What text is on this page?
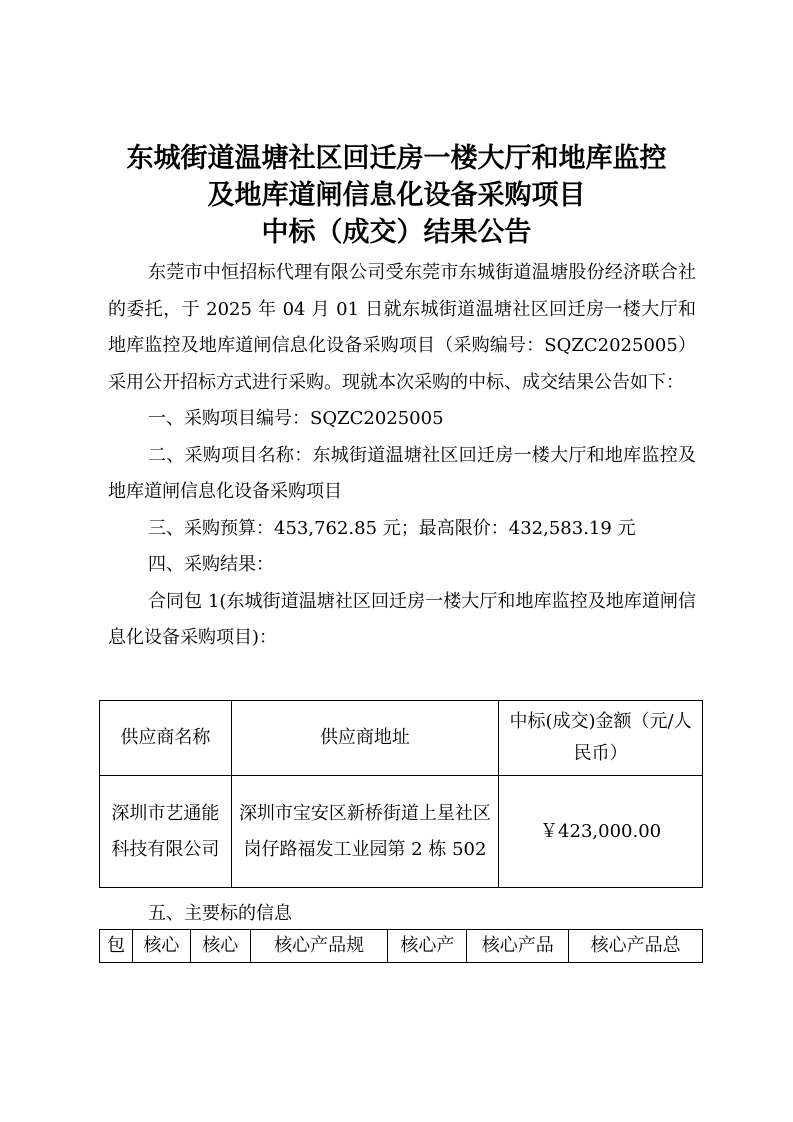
东城街道温塘社区回迁房一楼大厅和地库监控
及地库道闸信息化设备采购项目
中标（成交）结果公告

东莞市中恒招标代理有限公司受东莞市东城街道温塘股份经济联合社的委托，于 2025 年 04 月 01 日就东城街道温塘社区回迁房一楼大厅和地库监控及地库道闸信息化设备采购项目（采购编号：SQZC2025005）采用公开招标方式进行采购。现就本次采购的中标、成交结果公告如下：

一、采购项目编号：SQZC2025005

二、采购项目名称：东城街道温塘社区回迁房一楼大厅和地库监控及地库道闸信息化设备采购项目

三、采购预算：453,762.85 元；最高限价：432,583.19 元

四、采购结果：

合同包 1(东城街道温塘社区回迁房一楼大厅和地库监控及地库道闸信息化设备采购项目)：

供应商名称	供应商地址	中标(成交)金额（元/人民币）
深圳市艺通能科技有限公司	深圳市宝安区新桥街道上星社区岗仔路福发工业园第 2 栋 502	￥423,000.00
五、主要标的信息
包	核心	核心	核心产品规	核心产	核心产品	核心产品总
